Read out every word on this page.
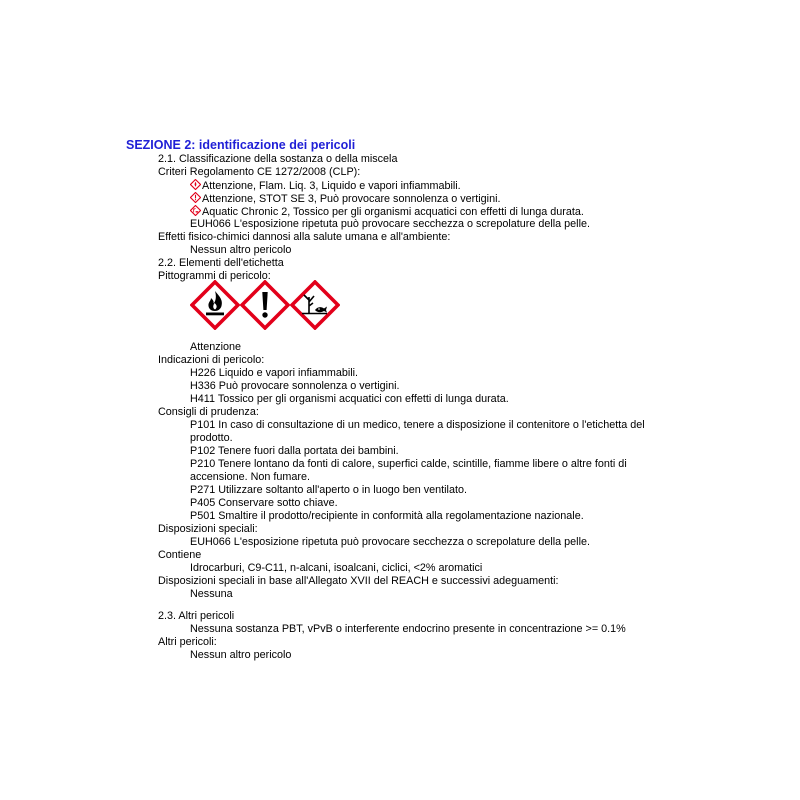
SEZIONE 2: identificazione dei pericoli
2.1. Classificazione della sostanza o della miscela
Criteri Regolamento CE 1272/2008 (CLP):
Attenzione, Flam. Liq. 3, Liquido e vapori infiammabili.
Attenzione, STOT SE 3, Può provocare sonnolenza o vertigini.
Aquatic Chronic 2, Tossico per gli organismi acquatici con effetti di lunga durata.
EUH066 L'esposizione ripetuta può provocare secchezza o screpolature della pelle.
Effetti fisico-chimici dannosi alla salute umana e all'ambiente:
Nessun altro pericolo
2.2. Elementi dell'etichetta
Pittogrammi di pericolo:
Attenzione
Indicazioni di pericolo:
H226 Liquido e vapori infiammabili.
H336 Può provocare sonnolenza o vertigini.
H411 Tossico per gli organismi acquatici con effetti di lunga durata.
Consigli di prudenza:
P101 In caso di consultazione di un medico, tenere a disposizione il contenitore o l'etichetta del
prodotto.
P102 Tenere fuori dalla portata dei bambini.
P210 Tenere lontano da fonti di calore, superfici calde, scintille, fiamme libere o altre fonti di
accensione. Non fumare.
P271 Utilizzare soltanto all'aperto o in luogo ben ventilato.
P405 Conservare sotto chiave.
P501 Smaltire il prodotto/recipiente in conformità alla regolamentazione nazionale.
Disposizioni speciali:
EUH066 L'esposizione ripetuta può provocare secchezza o screpolature della pelle.
Contiene
Idrocarburi, C9-C11, n-alcani, isoalcani, ciclici, <2% aromatici
Disposizioni speciali in base all'Allegato XVII del REACH e successivi adeguamenti:
Nessuna
2.3. Altri pericoli
Nessuna sostanza PBT, vPvB o interferente endocrino presente in concentrazione >= 0.1%
Altri pericoli:
Nessun altro pericolo
